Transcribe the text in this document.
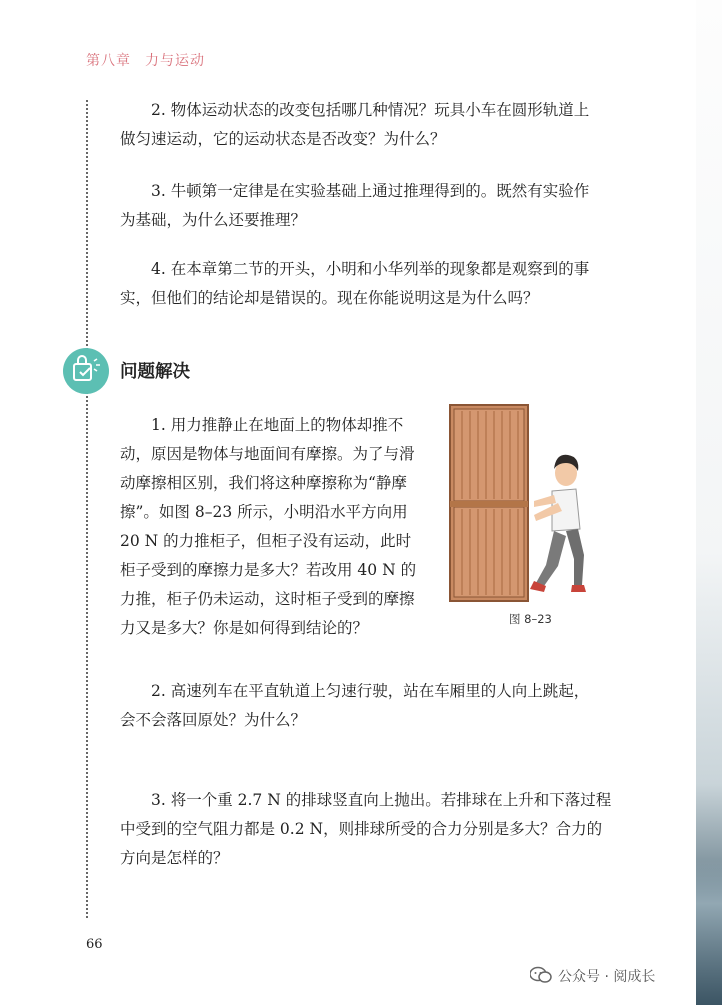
第八章 力与运动

2. 物体运动状态的改变包括哪几种情况？玩具小车在圆形轨道上
做匀速运动，它的运动状态是否改变？为什么？

3. 牛顿第一定律是在实验基础上通过推理得到的。既然有实验作
为基础，为什么还要推理？

4. 在本章第二节的开头，小明和小华列举的现象都是观察到的事
实，但他们的结论却是错误的。现在你能说明这是为什么吗？

问题解决

1. 用力推静止在地面上的物体却推不
动，原因是物体与地面间有摩擦。为了与滑
动摩擦相区别，我们将这种摩擦称为“静摩
擦”。如图 8–23 所示，小明沿水平方向用
20 N 的力推柜子，但柜子没有运动，此时
柜子受到的摩擦力是多大？若改用 40 N 的
力推，柜子仍未运动，这时柜子受到的摩擦
力又是多大？你是如何得到结论的？	图 8–23

2. 高速列车在平直轨道上匀速行驶，站在车厢里的人向上跳起，
会不会落回原处？为什么？

3. 将一个重 2.7 N 的排球竖直向上抛出。若排球在上升和下落过程
中受到的空气阻力都是 0.2 N，则排球所受的合力分别是多大？合力的
方向是怎样的？

66
公众号 · 阅成长
